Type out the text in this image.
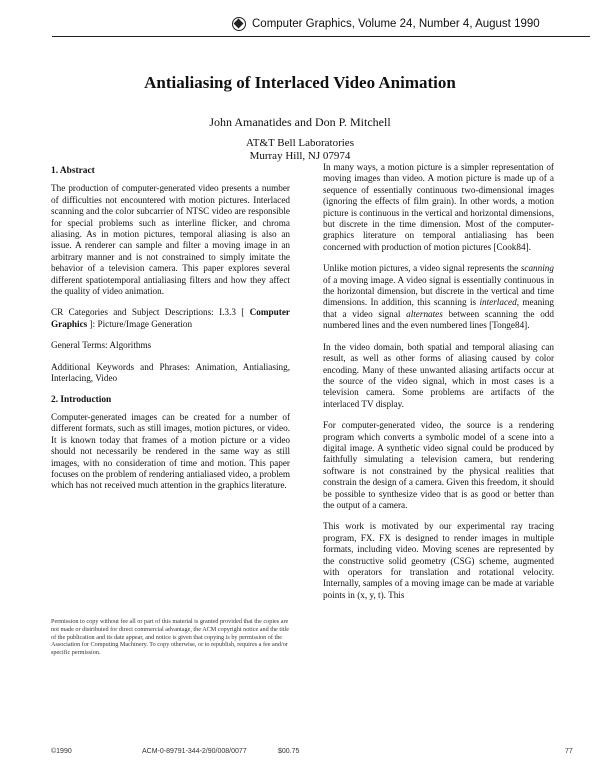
Computer Graphics, Volume 24, Number 4, August 1990
Antialiasing of Interlaced Video Animation
John Amanatides and Don P. Mitchell
AT&T Bell Laboratories
Murray Hill, NJ 07974
1. Abstract

The production of computer-generated video presents a number of difficulties not encountered with motion pictures. Interlaced scanning and the color subcarrier of NTSC video are responsible for special problems such as interline flicker, and chroma aliasing. As in motion pictures, temporal aliasing is also an issue. A renderer can sample and filter a moving image in an arbitrary manner and is not constrained to simply imitate the behavior of a television camera. This paper explores several different spatiotemporal antialiasing filters and how they affect the quality of video animation.

CR Categories and Subject Descriptions: I.3.3 [ Computer Graphics ]: Picture/Image Generation

General Terms: Algorithms

Additional Keywords and Phrases: Animation, Antialiasing, Interlacing, Video

2. Introduction

Computer-generated images can be created for a number of different formats, such as still images, motion pictures, or video. It is known today that frames of a motion picture or a video should not necessarily be rendered in the same way as still images, with no consideration of time and motion. This paper focuses on the problem of rendering antialiased video, a problem which has not received much attention in the graphics literature.

In many ways, a motion picture is a simpler representation of moving images than video. A motion picture is made up of a sequence of essentially continuous two-dimensional images (ignoring the effects of film grain). In other words, a motion picture is continuous in the vertical and horizontal dimensions, but discrete in the time dimension. Most of the computer-graphics literature on temporal antialiasing has been concerned with production of motion pictures [Cook84].

Unlike motion pictures, a video signal represents the scanning of a moving image. A video signal is essentially continuous in the horizontal dimension, but discrete in the vertical and time dimensions. In addition, this scanning is interlaced, meaning that a video signal alternates between scanning the odd numbered lines and the even numbered lines [Tonge84].

In the video domain, both spatial and temporal aliasing can result, as well as other forms of aliasing caused by color encoding. Many of these unwanted aliasing artifacts occur at the source of the video signal, which in most cases is a television camera. Some problems are artifacts of the interlaced TV display.

For computer-generated video, the source is a rendering program which converts a symbolic model of a scene into a digital image. A synthetic video signal could be produced by faithfully simulating a television camera, but rendering software is not constrained by the physical realities that constrain the design of a camera. Given this freedom, it should be possible to synthesize video that is as good or better than the output of a camera.

This work is motivated by our experimental ray tracing program, FX. FX is designed to render images in multiple formats, including video. Moving scenes are represented by the constructive solid geometry (CSG) scheme, augmented with operators for translation and rotational velocity. Internally, samples of a moving image can be made at variable points in (x, y, t). This

Permission to copy without fee all or part of this material is granted provided that the copies are not made or distributed for direct commercial advantage, the ACM copyright notice and the title of the publication and its date appear, and notice is given that copying is by permission of the Association for Computing Machinery. To copy otherwise, or to republish, requires a fee and/or specific permission.
©1990	ACM-0-89791-344-2/90/008/0077	$00.75	77
